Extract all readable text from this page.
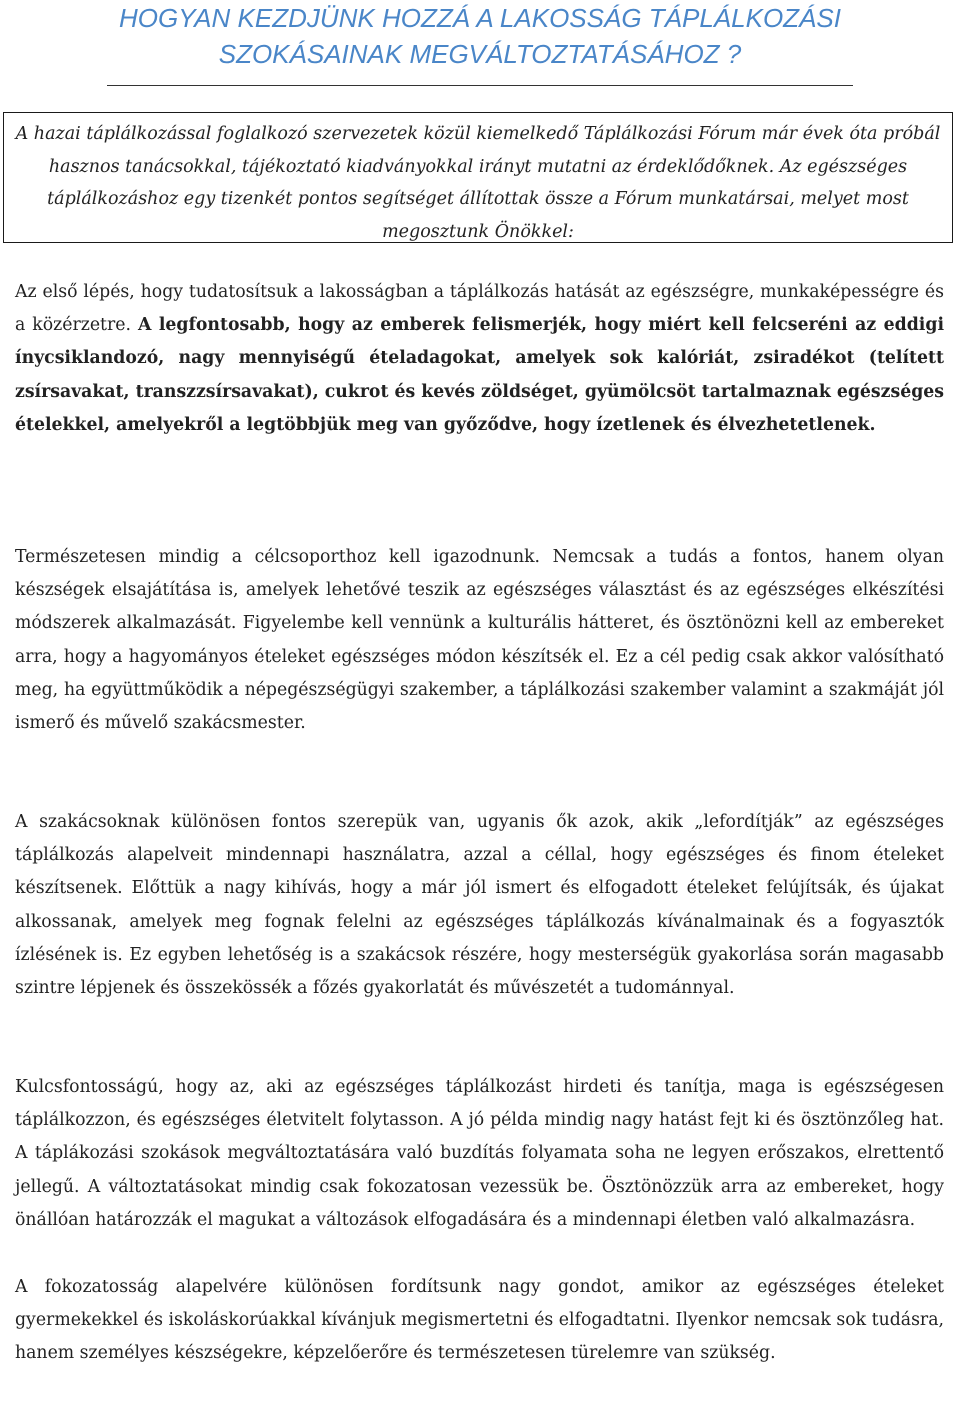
HOGYAN KEZDJÜNK HOZZÁ A LAKOSSÁG TÁPLÁLKOZÁSI
SZOKÁSAINAK MEGVÁLTOZTATÁSÁHOZ ?

A hazai táplálkozással foglalkozó szervezetek közül kiemelkedő Táplálkozási Fórum már évek óta próbál hasznos tanácsokkal, tájékoztató kiadványokkal irányt mutatni az érdeklődőknek. Az egészséges táplálkozáshoz egy tizenkét pontos segítséget állítottak össze a Fórum munkatársai, melyet most megosztunk Önökkel:

Az első lépés, hogy tudatosítsuk a lakosságban a táplálkozás hatását az egészségre, munkaképességre és a közérzetre. A legfontosabb, hogy az emberek felismerjék, hogy miért kell felcseréni az eddigi ínycsiklandozó, nagy mennyiségű ételadagokat, amelyek sok kalóriát, zsiradékot (telített zsírsavakat, transzzsírsavakat), cukrot és kevés zöldséget, gyümölcsöt tartalmaznak egészséges ételekkel, amelyekről a legtöbbjük meg van győződve, hogy ízetlenek és élvezhetetlenek.

Természetesen mindig a célcsoporthoz kell igazodnunk. Nemcsak a tudás a fontos, hanem olyan készségek elsajátítása is, amelyek lehetővé teszik az egészséges választást és az egészséges elkészítési módszerek alkalmazását. Figyelembe kell vennünk a kulturális hátteret, és ösztönözni kell az embereket arra, hogy a hagyományos ételeket egészséges módon készítsék el. Ez a cél pedig csak akkor valósítható meg, ha együttműködik a népegészségügyi szakember, a táplálkozási szakember valamint a szakmáját jól ismerő és művelő szakácsmester.

A szakácsoknak különösen fontos szerepük van, ugyanis ők azok, akik „lefordítják” az egészséges táplálkozás alapelveit mindennapi használatra, azzal a céllal, hogy egészséges és finom ételeket készítsenek. Előttük a nagy kihívás, hogy a már jól ismert és elfogadott ételeket felújítsák, és újakat alkossanak, amelyek meg fognak felelni az egészséges táplálkozás kívánalmainak és a fogyasztók ízlésének is. Ez egyben lehetőség is a szakácsok részére, hogy mesterségük gyakorlása során magasabb szintre lépjenek és összekössék a főzés gyakorlatát és művészetét a tudománnyal.

Kulcsfontosságú, hogy az, aki az egészséges táplálkozást hirdeti és tanítja, maga is egészségesen táplálkozzon, és egészséges életvitelt folytasson. A jó példa mindig nagy hatást fejt ki és ösztönzőleg hat. A táplákozási szokások megváltoztatására való buzdítás folyamata soha ne legyen erőszakos, elrettentő jellegű. A változtatásokat mindig csak fokozatosan vezessük be. Ösztönözzük arra az embereket, hogy önállóan határozzák el magukat a változások elfogadására és a mindennapi életben való alkalmazásra.

A fokozatosság alapelvére különösen fordítsunk nagy gondot, amikor az egészséges ételeket gyermekekkel és iskoláskorúakkal kívánjuk megismertetni és elfogadtatni. Ilyenkor nemcsak sok tudásra, hanem személyes készségekre, képzelőerőre és természetesen türelemre van szükség.
